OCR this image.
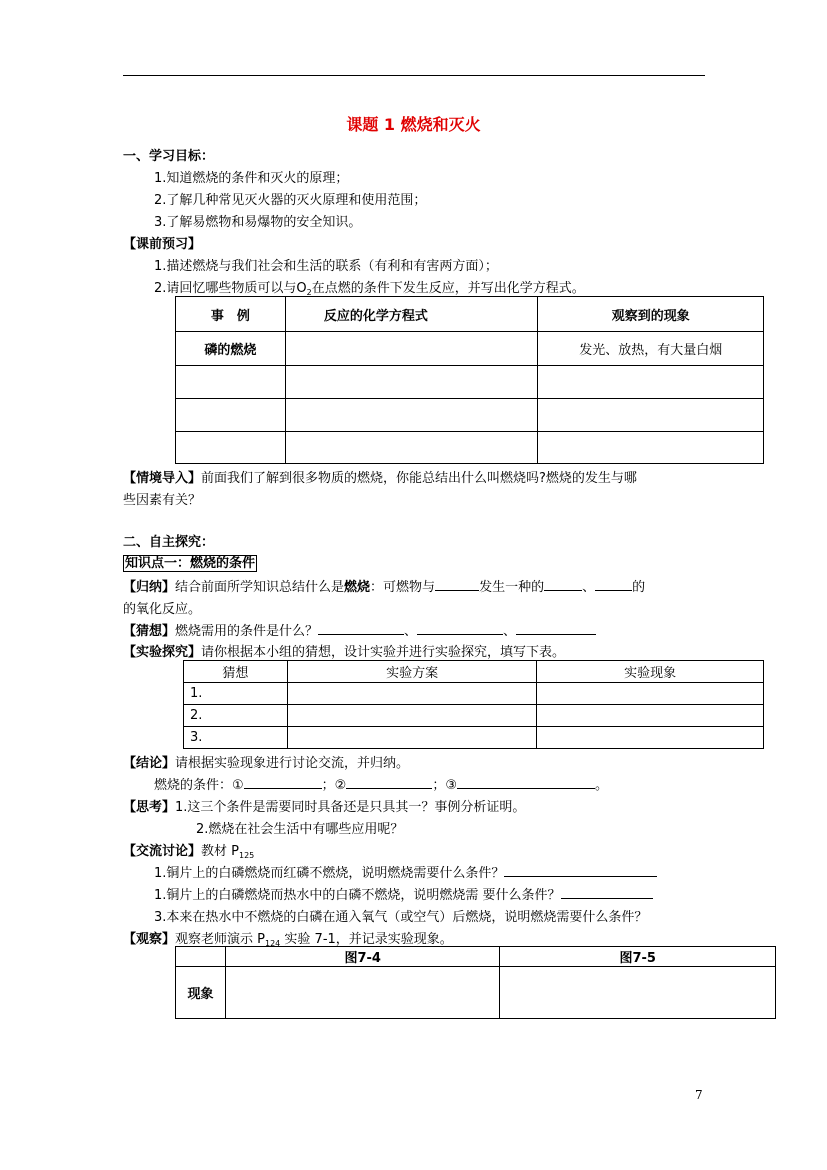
课题 1 燃烧和灭火
一、学习目标：
1.知道燃烧的条件和灭火的原理；
2.了解几种常见灭火器的灭火原理和使用范围；
3.了解易燃物和易爆物的安全知识。
【课前预习】
1.描述燃烧与我们社会和生活的联系（有利和有害两方面）；
2.请回忆哪些物质可以与$O_2$在点燃的条件下发生反应，并写出化学方程式。
事　例	反应的化学方程式	观察到的现象
磷的燃烧		发光、放热，有大量白烟

【情境导入】前面我们了解到很多物质的燃烧，你能总结出什么叫燃烧吗?燃烧的发生与哪
些因素有关？
二、自主探究：
知识点一：燃烧的条件
【归纳】结合前面所学知识总结什么是燃烧：可燃物与	发生一种的	、	的
的氧化反应。
【猜想】燃烧需用的条件是什么？	、	、
【实验探究】请你根据本小组的猜想，设计实验并进行实验探究，填写下表。
猜想	实验方案	实验现象
1.		
2.		
3.		
【结论】请根据实验现象进行讨论交流，并归纳。
燃烧的条件：①	；②	；③	。
【思考】1.这三个条件是需要同时具备还是只具其一？事例分析证明。
2.燃烧在社会生活中有哪些应用呢？
【交流讨论】教材 $P_{125}$
1.铜片上的白磷燃烧而红磷不燃烧，说明燃烧需要什么条件？
1.铜片上的白磷燃烧而热水中的白磷不燃烧，说明燃烧需 要什么条件？
3.本来在热水中不燃烧的白磷在通入氧气（或空气）后燃烧，说明燃烧需要什么条件？
【观察】观察老师演示 $P_{124}$ 实验 7-1，并记录实验现象。
	图7-4	图7-5
现象		
7
